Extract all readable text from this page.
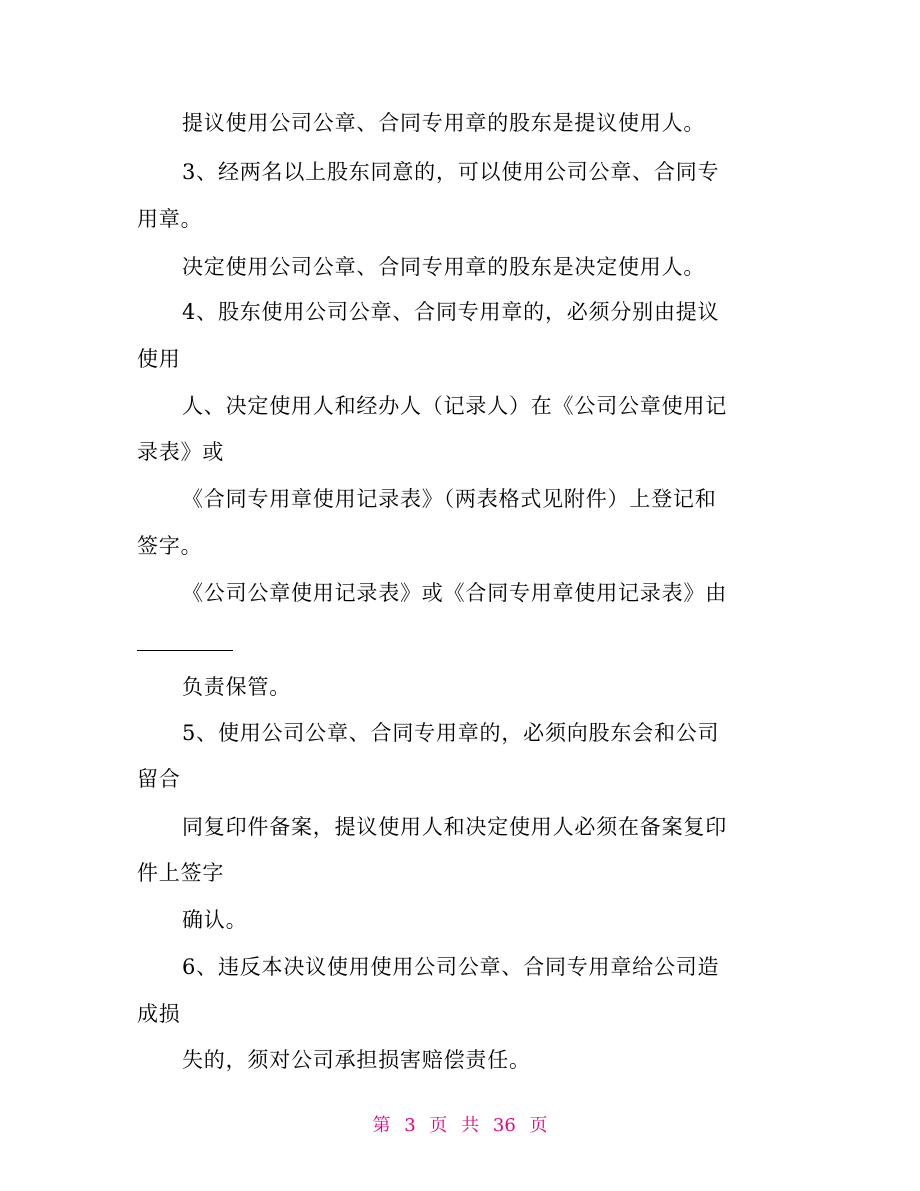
提议使用公司公章、合同专用章的股东是提议使用人。
3、经两名以上股东同意的，可以使用公司公章、合同专
用章。
决定使用公司公章、合同专用章的股东是决定使用人。
4、股东使用公司公章、合同专用章的，必须分别由提议
使用
人、决定使用人和经办人（记录人）在《公司公章使用记
录表》或
《合同专用章使用记录表》（两表格式见附件）上登记和
签字。
《公司公章使用记录表》或《合同专用章使用记录表》由
负责保管。
5、使用公司公章、合同专用章的，必须向股东会和公司
留合
同复印件备案，提议使用人和决定使用人必须在备案复印
件上签字
确认。
6、违反本决议使用使用公司公章、合同专用章给公司造
成损
失的，须对公司承担损害赔偿责任。
第 3 页 共 36 页
